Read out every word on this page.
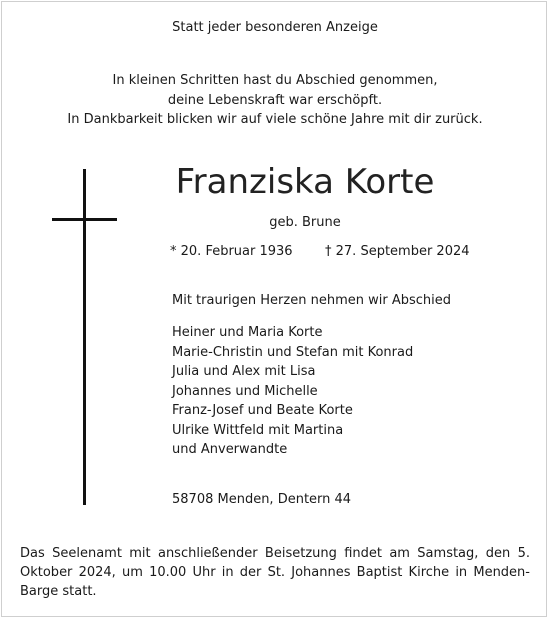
Statt jeder besonderen Anzeige
In kleinen Schritten hast du Abschied genommen,
deine Lebenskraft war erschöpft.
In Dankbarkeit blicken wir auf viele schöne Jahre mit dir zurück.
Franziska Korte
geb. Brune
* 20. Februar 1936 † 27. September 2024
Mit traurigen Herzen nehmen wir Abschied
Heiner und Maria Korte
Marie-Christin und Stefan mit Konrad
Julia und Alex mit Lisa
Johannes und Michelle
Franz-Josef und Beate Korte
Ulrike Wittfeld mit Martina
und Anverwandte
58708 Menden, Dentern 44
Das Seelenamt mit anschließender Beisetzung findet am Samstag, den 5. Oktober 2024, um 10.00 Uhr in der St. Johannes Baptist Kirche in Menden-Barge statt.
